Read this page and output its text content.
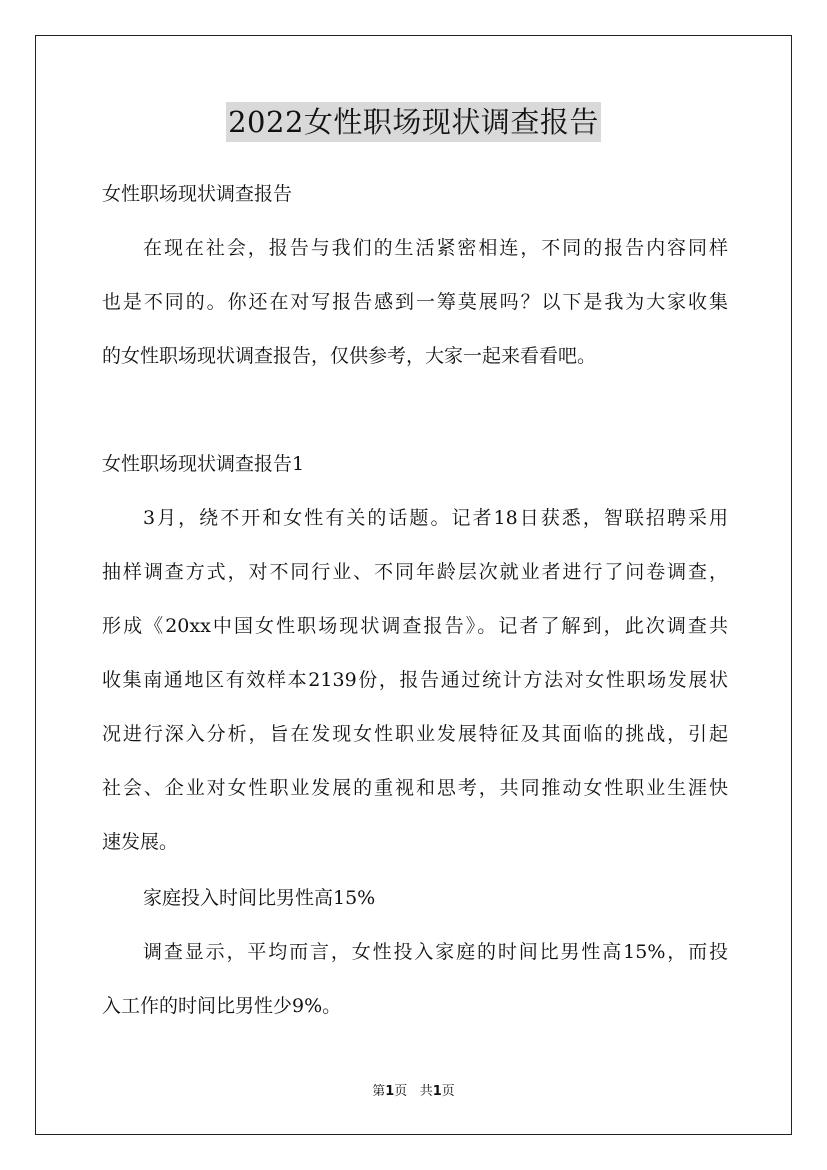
2022女性职场现状调查报告
女性职场现状调查报告
在现在社会，报告与我们的生活紧密相连，不同的报告内容同样
也是不同的。你还在对写报告感到一筹莫展吗？以下是我为大家收集
的女性职场现状调查报告，仅供参考，大家一起来看看吧。
女性职场现状调查报告1
3月，绕不开和女性有关的话题。记者18日获悉，智联招聘采用
抽样调查方式，对不同行业、不同年龄层次就业者进行了问卷调查，
形成《20xx中国女性职场现状调查报告》。记者了解到，此次调查共
收集南通地区有效样本2139份，报告通过统计方法对女性职场发展状
况进行深入分析，旨在发现女性职业发展特征及其面临的挑战，引起
社会、企业对女性职业发展的重视和思考，共同推动女性职业生涯快
速发展。
家庭投入时间比男性高15%
调查显示，平均而言，女性投入家庭的时间比男性高15%，而投
入工作的时间比男性少9%。
第1页 共1页
